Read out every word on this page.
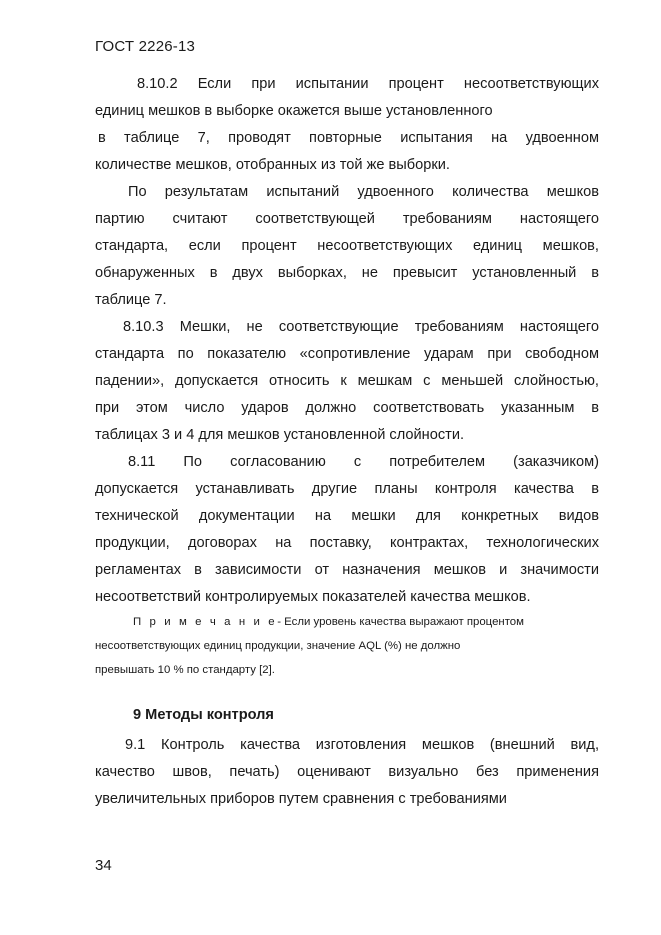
ГОСТ 2226-13
8.10.2 Если при испытании процент несоответствующих
единиц мешков в выборке окажется выше установленного
в таблице 7, проводят повторные испытания на удвоенном
количестве мешков, отобранных из той же выборки.
По результатам испытаний удвоенного количества мешков
партию считают соответствующей требованиям настоящего
стандарта, если процент несоответствующих единиц мешков,
обнаруженных в двух выборках, не превысит установленный в
таблице 7.
8.10.3 Мешки, не соответствующие требованиям настоящего
стандарта по показателю «сопротивление ударам при свободном
падении», допускается относить к мешкам с меньшей слойностью,
при этом число ударов должно соответствовать указанным в
таблицах 3 и 4 для мешков установленной слойности.
8.11 По согласованию с потребителем (заказчиком)
допускается устанавливать другие планы контроля качества в
технической документации на мешки для конкретных видов
продукции, договорах на поставку, контрактах, технологических
регламентах в зависимости от назначения мешков и значимости
несоответствий контролируемых показателей качества мешков.
П р и м е ч а н и е- Если уровень качества выражают процентом
несоответствующих единиц продукции, значение AQL (%) не должно
превышать 10 % по стандарту [2].
9 Методы контроля
9.1 Контроль качества изготовления мешков (внешний вид,
качество швов, печать) оценивают визуально без применения
увеличительных приборов путем сравнения с требованиями
34
